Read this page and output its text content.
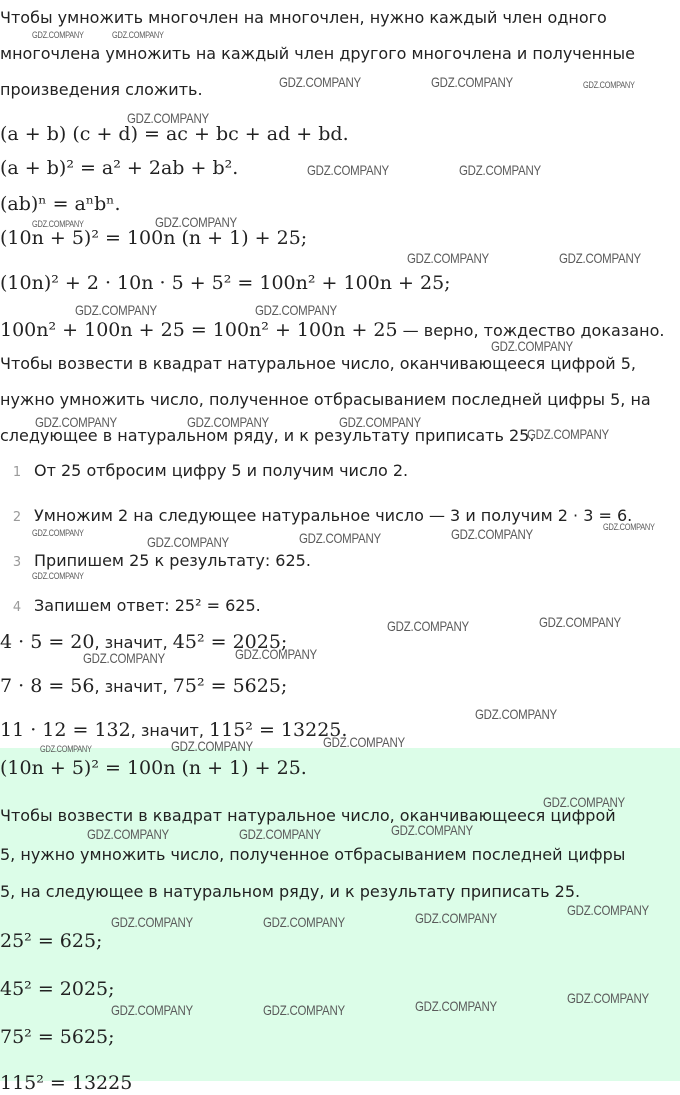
Чтобы умножить многочлен на многочлен, нужно каждый член одного
многочлена умножить на каждый член другого многочлена и полученные
произведения сложить.
(a + b) (c + d) = ac + bc + ad + bd.
(a + b)² = a² + 2ab + b².
(ab)ⁿ = aⁿbⁿ.
(10n + 5)² = 100n (n + 1) + 25;
(10n)² + 2 · 10n · 5 + 5² = 100n² + 100n + 25;
100n² + 100n + 25 = 100n² + 100n + 25 — верно, тождество доказано.
Чтобы возвести в квадрат натуральное число, оканчивающееся цифрой 5,
нужно умножить число, полученное отбрасыванием последней цифры 5, на
следующее в натуральном ряду, и к результату приписать 25.
1 От 25 отбросим цифру 5 и получим число 2.
2 Умножим 2 на следующее натуральное число — 3 и получим 2 · 3 = 6.
3 Припишем 25 к результату: 625.
4 Запишем ответ: 25² = 625.
4 · 5 = 20, значит, 45² = 2025;
7 · 8 = 56, значит, 75² = 5625;
11 · 12 = 132, значит, 115² = 13225.
(10n + 5)² = 100n (n + 1) + 25.
Чтобы возвести в квадрат натуральное число, оканчивающееся цифрой
5, нужно умножить число, полученное отбрасыванием последней цифры
5, на следующее в натуральном ряду, и к результату приписать 25.
25² = 625;
45² = 2025;
75² = 5625;
115² = 13225
GDZ.COMPANY	GDZ.COMPANY
GDZ.COMPANY	GDZ.COMPANY	GDZ.COMPANY
GDZ.COMPANY
GDZ.COMPANY	GDZ.COMPANY
GDZ.COMPANY	GDZ.COMPANY
GDZ.COMPANY	GDZ.COMPANY
GDZ.COMPANY	GDZ.COMPANY
GDZ.COMPANY
GDZ.COMPANY	GDZ.COMPANY	GDZ.COMPANY
GDZ.COMPANY
GDZ.COMPANY
GDZ.COMPANY
GDZ.COMPANY	GDZ.COMPANY	GDZ.COMPANY
GDZ.COMPANY
GDZ.COMPANY	GDZ.COMPANY
GDZ.COMPANY	GDZ.COMPANY
GDZ.COMPANY
GDZ.COMPANY	GDZ.COMPANY	GDZ.COMPANY
GDZ.COMPANY
GDZ.COMPANY	GDZ.COMPANY	GDZ.COMPANY
GDZ.COMPANY
GDZ.COMPANY	GDZ.COMPANY	GDZ.COMPANY
GDZ.COMPANY
GDZ.COMPANY	GDZ.COMPANY	GDZ.COMPANY
